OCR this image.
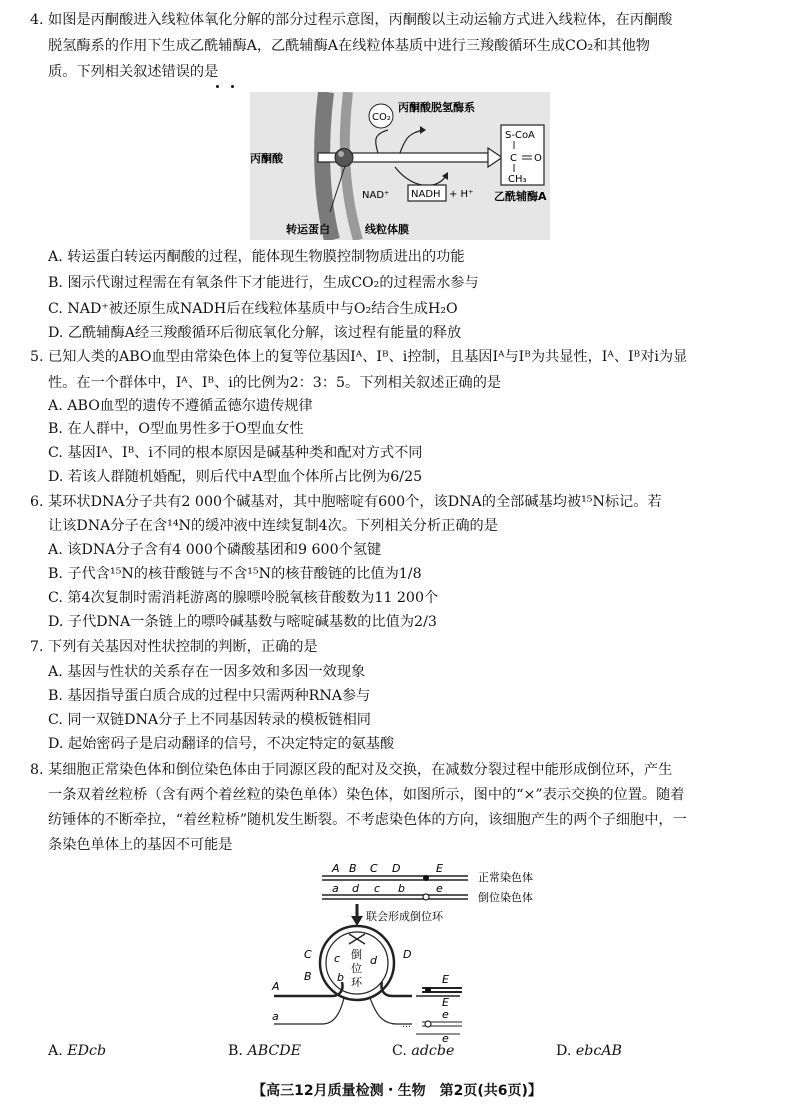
4. 如图是丙酮酸进入线粒体氧化分解的部分过程示意图，丙酮酸以主动运输方式进入线粒体，在丙酮酸
脱氢酶系的作用下生成乙酰辅酶A，乙酰辅酶A在线粒体基质中进行三羧酸循环生成CO₂和其他物
质。下列相关叙述错误的是
CO₂
丙酮酸脱氢酶系
丙酮酸
NAD⁺ NADH + H⁺
S-CoA
C O
CH₃
乙酰辅酶A
转运蛋白	线粒体膜
A. 转运蛋白转运丙酮酸的过程，能体现生物膜控制物质进出的功能
B. 图示代谢过程需在有氧条件下才能进行，生成CO₂的过程需水参与
C. NAD⁺被还原生成NADH后在线粒体基质中与O₂结合生成H₂O
D. 乙酰辅酶A经三羧酸循环后彻底氧化分解，该过程有能量的释放
5. 已知人类的ABO血型由常染色体上的复等位基因Iᴬ、Iᴮ、i控制，且基因Iᴬ与Iᴮ为共显性，Iᴬ、Iᴮ对i为显
性。在一个群体中，Iᴬ、Iᴮ、i的比例为2：3：5。下列相关叙述正确的是
A. ABO血型的遗传不遵循孟德尔遗传规律
B. 在人群中，O型血男性多于O型血女性
C. 基因Iᴬ、Iᴮ、i不同的根本原因是碱基种类和配对方式不同
D. 若该人群随机婚配，则后代中A型血个体所占比例为6/25
6. 某环状DNA分子共有2 000个碱基对，其中胞嘧啶有600个，该DNA的全部碱基均被¹⁵N标记。若
让该DNA分子在含¹⁴N的缓冲液中连续复制4次。下列相关分析正确的是
A. 该DNA分子含有4 000个磷酸基团和9 600个氢键
B. 子代含¹⁵N的核苷酸链与不含¹⁵N的核苷酸链的比值为1/8
C. 第4次复制时需消耗游离的腺嘌呤脱氧核苷酸数为11 200个
D. 子代DNA一条链上的嘌呤碱基数与嘧啶碱基数的比值为2/3
7. 下列有关基因对性状控制的判断，正确的是
A. 基因与性状的关系存在一因多效和多因一效现象
B. 基因指导蛋白质合成的过程中只需两种RNA参与
C. 同一双链DNA分子上不同基因转录的模板链相同
D. 起始密码子是启动翻译的信号，不决定特定的氨基酸
8. 某细胞正常染色体和倒位染色体由于同源区段的配对及交换，在减数分裂过程中能形成倒位环，产生
一条双着丝粒桥（含有两个着丝粒的染色单体）染色体，如图所示，图中的“×”表示交换的位置。随着
纺锤体的不断牵拉，“着丝粒桥”随机发生断裂。不考虑染色体的方向，该细胞产生的两个子细胞中，一
条染色单体上的基因不可能是
A B C D	E
a d c b	e
C
B
D
c
b
d
A
a
E
E
e
e
…
…
正常染色体
倒位染色体
联会形成倒位环
倒
位
环
A. EDcb	B. ABCDE	C. adcbe	D. ebcAB
【高三12月质量检测・生物　第2页(共6页)】
